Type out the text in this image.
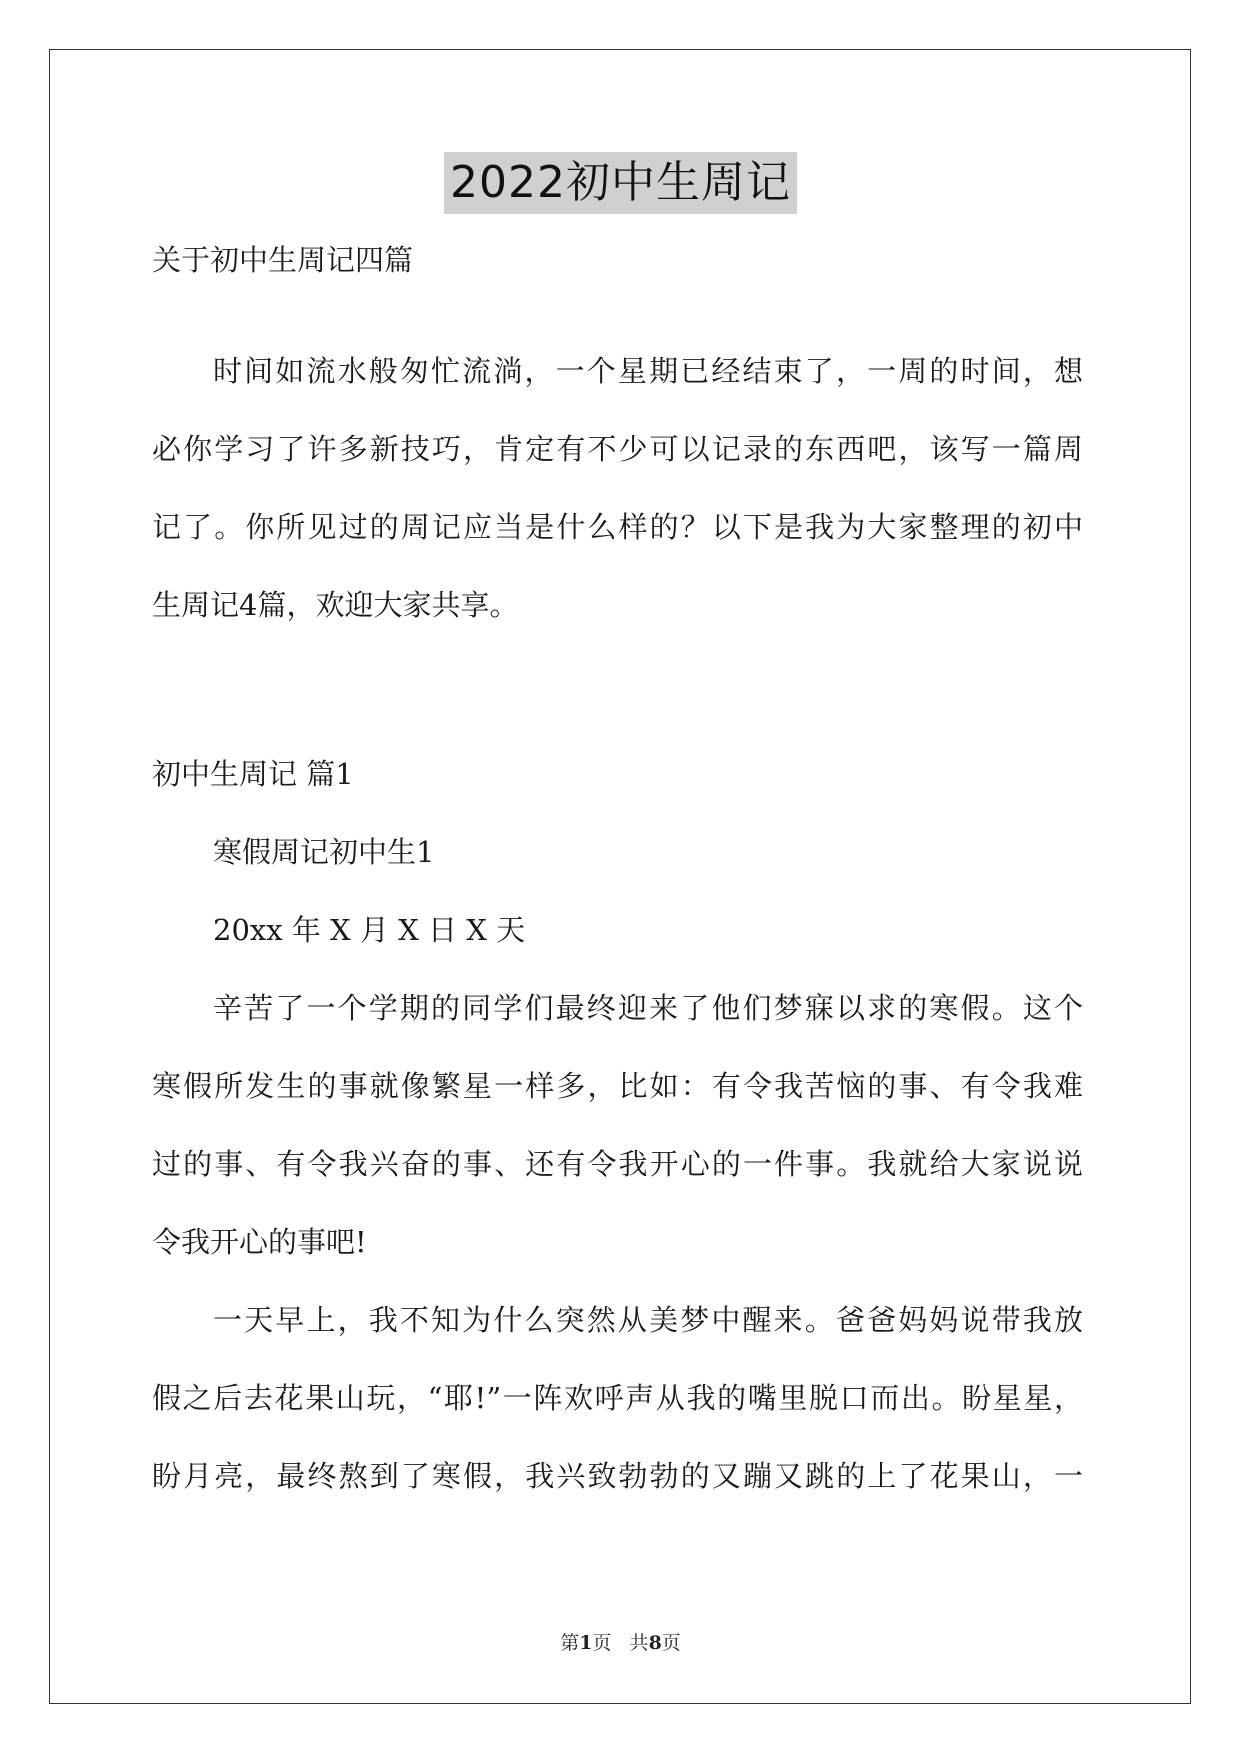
2022初中生周记
关于初中生周记四篇
时间如流水般匆忙流淌，一个星期已经结束了，一周的时间，想
必你学习了许多新技巧，肯定有不少可以记录的东西吧，该写一篇周
记了。你所见过的周记应当是什么样的？以下是我为大家整理的初中
生周记4篇，欢迎大家共享。
初中生周记 篇1
寒假周记初中生1
20xx 年 X 月 X 日 X 天
辛苦了一个学期的同学们最终迎来了他们梦寐以求的寒假。这个
寒假所发生的事就像繁星一样多，比如：有令我苦恼的事、有令我难
过的事、有令我兴奋的事、还有令我开心的一件事。我就给大家说说
令我开心的事吧!
一天早上，我不知为什么突然从美梦中醒来。爸爸妈妈说带我放
假之后去花果山玩，“耶!”一阵欢呼声从我的嘴里脱口而出。盼星星，
盼月亮，最终熬到了寒假，我兴致勃勃的又蹦又跳的上了花果山，一
第1页   共8页
